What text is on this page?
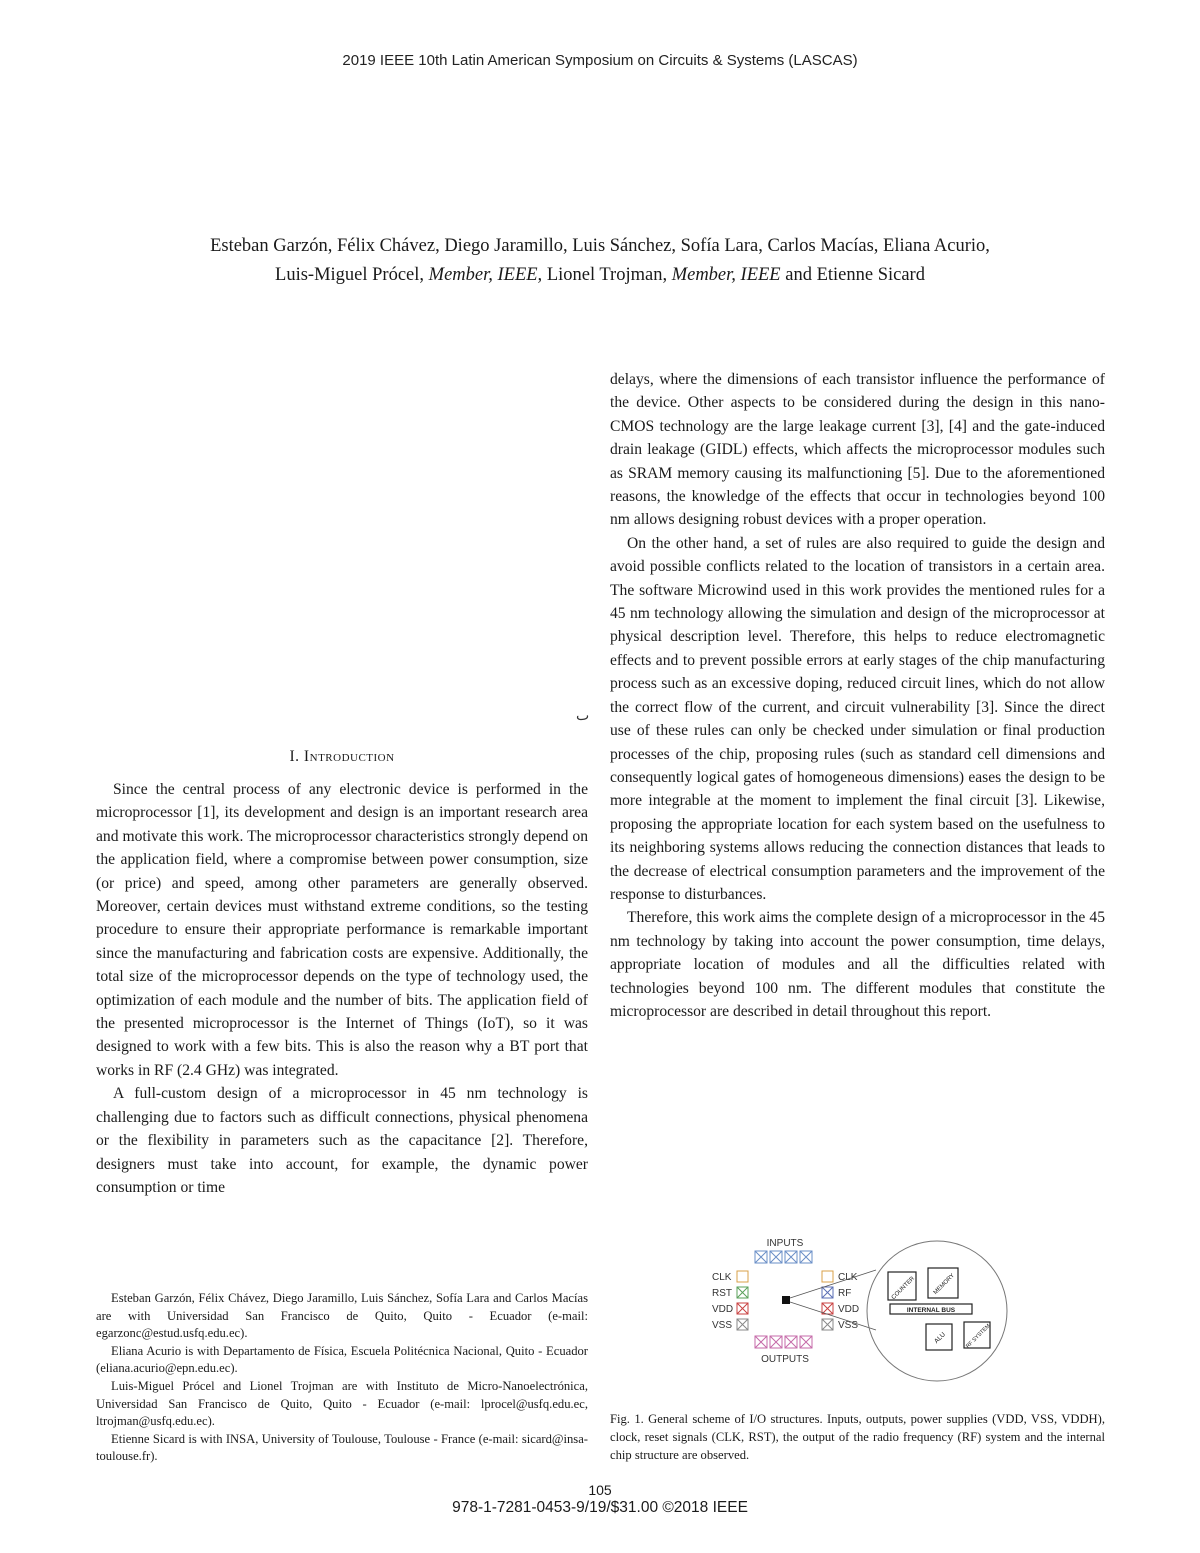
2019 IEEE 10th Latin American Symposium on Circuits & Systems (LASCAS)
Esteban Garzón, Félix Chávez, Diego Jaramillo, Luis Sánchez, Sofía Lara, Carlos Macías, Eliana Acurio,
Luis-Miguel Prócel, Member, IEEE, Lionel Trojman, Member, IEEE and Etienne Sicard
ٮ
I. Introduction

Since the central process of any electronic device is performed in the microprocessor [1], its development and design is an important research area and motivate this work. The microprocessor characteristics strongly depend on the application field, where a compromise between power consumption, size (or price) and speed, among other parameters are generally observed. Moreover, certain devices must withstand extreme conditions, so the testing procedure to ensure their appropriate performance is remarkable important since the manufacturing and fabrication costs are expensive. Additionally, the total size of the microprocessor depends on the type of technology used, the optimization of each module and the number of bits. The application field of the presented microprocessor is the Internet of Things (IoT), so it was designed to work with a few bits. This is also the reason why a BT port that works in RF (2.4 GHz) was integrated.

A full-custom design of a microprocessor in 45 nm technology is challenging due to factors such as difficult connections, physical phenomena or the flexibility in parameters such as the capacitance [2]. Therefore, designers must take into account, for example, the dynamic power consumption or time

Esteban Garzón, Félix Chávez, Diego Jaramillo, Luis Sánchez, Sofía Lara and Carlos Macías are with Universidad San Francisco de Quito, Quito - Ecuador (e-mail: egarzonc@estud.usfq.edu.ec).

Eliana Acurio is with Departamento de Física, Escuela Politécnica Nacional, Quito - Ecuador (eliana.acurio@epn.edu.ec).

Luis-Miguel Prócel and Lionel Trojman are with Instituto de Micro-Nanoelectrónica, Universidad San Francisco de Quito, Quito - Ecuador (e-mail: lprocel@usfq.edu.ec, ltrojman@usfq.edu.ec).

Etienne Sicard is with INSA, University of Toulouse, Toulouse - France (e-mail: sicard@insa-toulouse.fr).

delays, where the dimensions of each transistor influence the performance of the device. Other aspects to be considered during the design in this nano-CMOS technology are the large leakage current [3], [4] and the gate-induced drain leakage (GIDL) effects, which affects the microprocessor modules such as SRAM memory causing its malfunctioning [5]. Due to the aforementioned reasons, the knowledge of the effects that occur in technologies beyond 100 nm allows designing robust devices with a proper operation.

On the other hand, a set of rules are also required to guide the design and avoid possible conflicts related to the location of transistors in a certain area. The software Microwind used in this work provides the mentioned rules for a 45 nm technology allowing the simulation and design of the microprocessor at physical description level. Therefore, this helps to reduce electromagnetic effects and to prevent possible errors at early stages of the chip manufacturing process such as an excessive doping, reduced circuit lines, which do not allow the correct flow of the current, and circuit vulnerability [3]. Since the direct use of these rules can only be checked under simulation or final production processes of the chip, proposing rules (such as standard cell dimensions and consequently logical gates of homogeneous dimensions) eases the design to be more integrable at the moment to implement the final circuit [3]. Likewise, proposing the appropriate location for each system based on the usefulness to its neighboring systems allows reducing the connection distances that leads to the decrease of electrical consumption parameters and the improvement of the response to disturbances.

Therefore, this work aims the complete design of a microprocessor in the 45 nm technology by taking into account the power consumption, time delays, appropriate location of modules and all the difficulties related with technologies beyond 100 nm. The different modules that constitute the microprocessor are described in detail throughout this report.

INPUTS
CLK
RST
VDD
VSS
CLK
RF
VDD
VSS
OUTPUTS
COUNTER	MEMORY
INTERNAL BUS
ALU	RF SYSTEM
Fig. 1. General scheme of I/O structures. Inputs, outputs, power supplies (VDD, VSS, VDDH), clock, reset signals (CLK, RST), the output of the radio frequency (RF) system and the internal chip structure are observed.
105
978-1-7281-0453-9/19/$31.00 ©2018 IEEE
